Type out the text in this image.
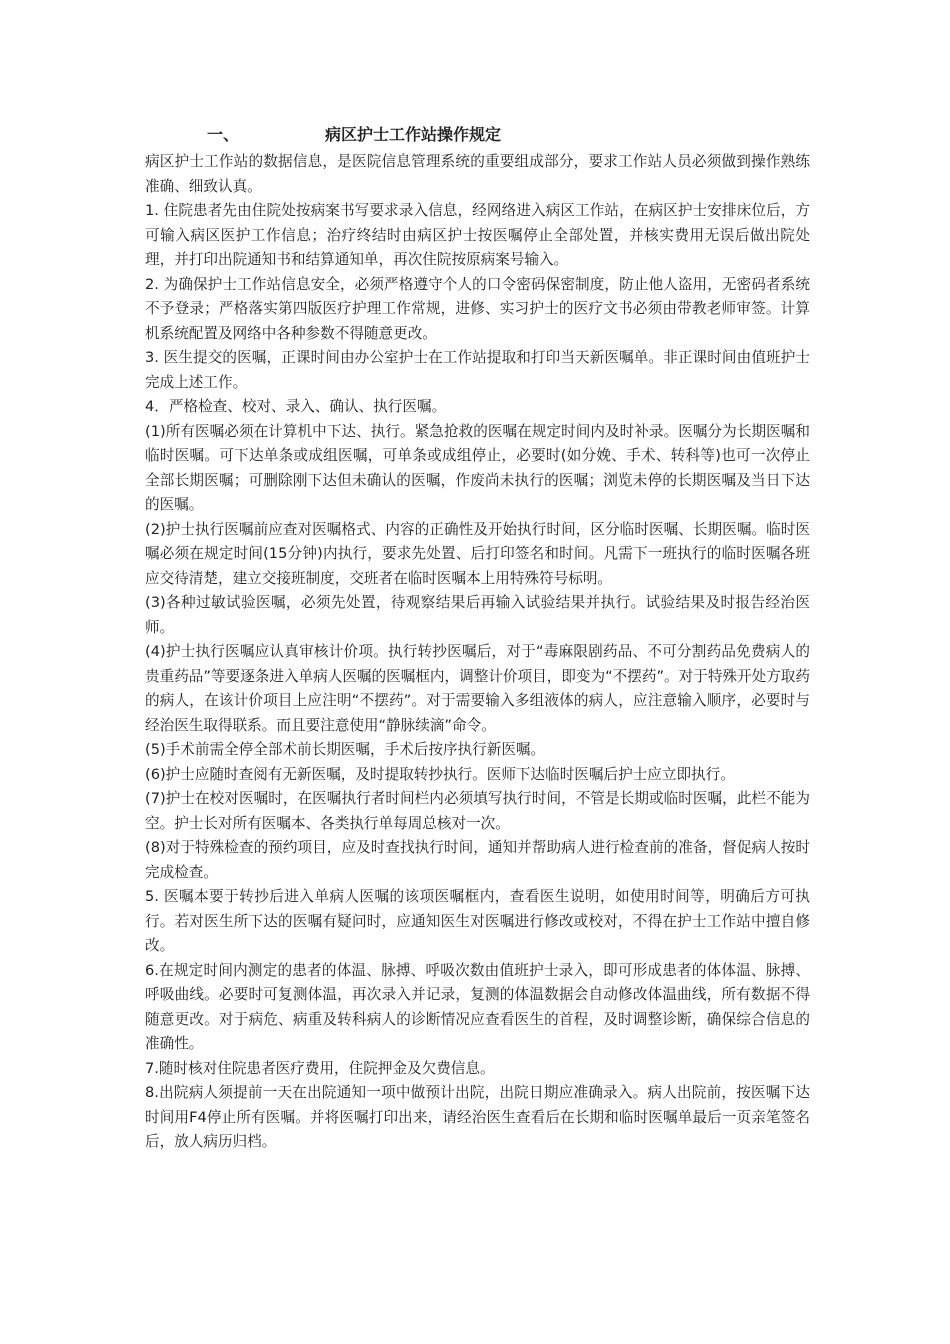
一、	病区护士工作站操作规定

病区护士工作站的数据信息，是医院信息管理系统的重要组成部分，要求工作站人员必须做到操作熟练准确、细致认真。

1. 住院患者先由住院处按病案书写要求录入信息，经网络进入病区工作站，在病区护士安排床位后，方可输入病区医护工作信息；治疗终结时由病区护士按医嘱停止全部处置，并核实费用无误后做出院处理，并打印出院通知书和结算通知单，再次住院按原病案号输入。

2. 为确保护士工作站信息安全，必须严格遵守个人的口令密码保密制度，防止他人盗用，无密码者系统不予登录；严格落实第四版医疗护理工作常规，进修、实习护士的医疗文书必须由带教老师审签。计算机系统配置及网络中各种参数不得随意更改。

3. 医生提交的医嘱，正课时间由办公室护士在工作站提取和打印当天新医嘱单。非正课时间由值班护士完成上述工作。

4．严格检查、校对、录入、确认、执行医嘱。

(1)所有医嘱必须在计算机中下达、执行。紧急抢救的医嘱在规定时间内及时补录。医嘱分为长期医嘱和临时医嘱。可下达单条或成组医嘱，可单条或成组停止，必要时(如分娩、手术、转科等)也可一次停止全部长期医嘱；可删除刚下达但未确认的医嘱，作废尚未执行的医嘱；浏览未停的长期医嘱及当日下达的医嘱。

(2)护士执行医嘱前应查对医嘱格式、内容的正确性及开始执行时间，区分临时医嘱、长期医嘱。临时医嘱必须在规定时间(15分钟)内执行，要求先处置、后打印签名和时间。凡需下一班执行的临时医嘱各班应交待清楚，建立交接班制度，交班者在临时医嘱本上用特殊符号标明。

(3)各种过敏试验医嘱，必须先处置，待观察结果后再输入试验结果并执行。试验结果及时报告经治医师。

(4)护士执行医嘱应认真审核计价项。执行转抄医嘱后，对于“毒麻限剧药品、不可分割药品免费病人的贵重药品”等要逐条进入单病人医嘱的医嘱框内，调整计价项目，即变为“不摆药”。对于特殊开处方取药的病人，在该计价项目上应注明“不摆药”。对于需要输入多组液体的病人，应注意输入顺序，必要时与经治医生取得联系。而且要注意使用“静脉续滴”命令。

(5)手术前需全停全部术前长期医嘱，手术后按序执行新医嘱。

(6)护士应随时查阅有无新医嘱，及时提取转抄执行。医师下达临时医嘱后护士应立即执行。

(7)护士在校对医嘱时，在医嘱执行者时间栏内必须填写执行时间，不管是长期或临时医嘱，此栏不能为空。护士长对所有医嘱本、各类执行单每周总核对一次。

(8)对于特殊检查的预约项目，应及时查找执行时间，通知并帮助病人进行检查前的准备，督促病人按时完成检查。

5. 医嘱本要于转抄后进入单病人医嘱的该项医嘱框内，查看医生说明，如使用时间等，明确后方可执行。若对医生所下达的医嘱有疑问时，应通知医生对医嘱进行修改或校对，不得在护士工作站中擅自修改。

6.在规定时间内测定的患者的体温、脉搏、呼吸次数由值班护士录入，即可形成患者的体体温、脉搏、呼吸曲线。必要时可复测体温，再次录入并记录，复测的体温数据会自动修改体温曲线，所有数据不得随意更改。对于病危、病重及转科病人的诊断情况应查看医生的首程，及时调整诊断，确保综合信息的准确性。

7.随时核对住院患者医疗费用，住院押金及欠费信息。

8.出院病人须提前一天在出院通知一项中做预计出院，出院日期应准确录入。病人出院前，按医嘱下达时间用F4停止所有医嘱。并将医嘱打印出来，请经治医生查看后在长期和临时医嘱单最后一页亲笔签名后，放人病历归档。
